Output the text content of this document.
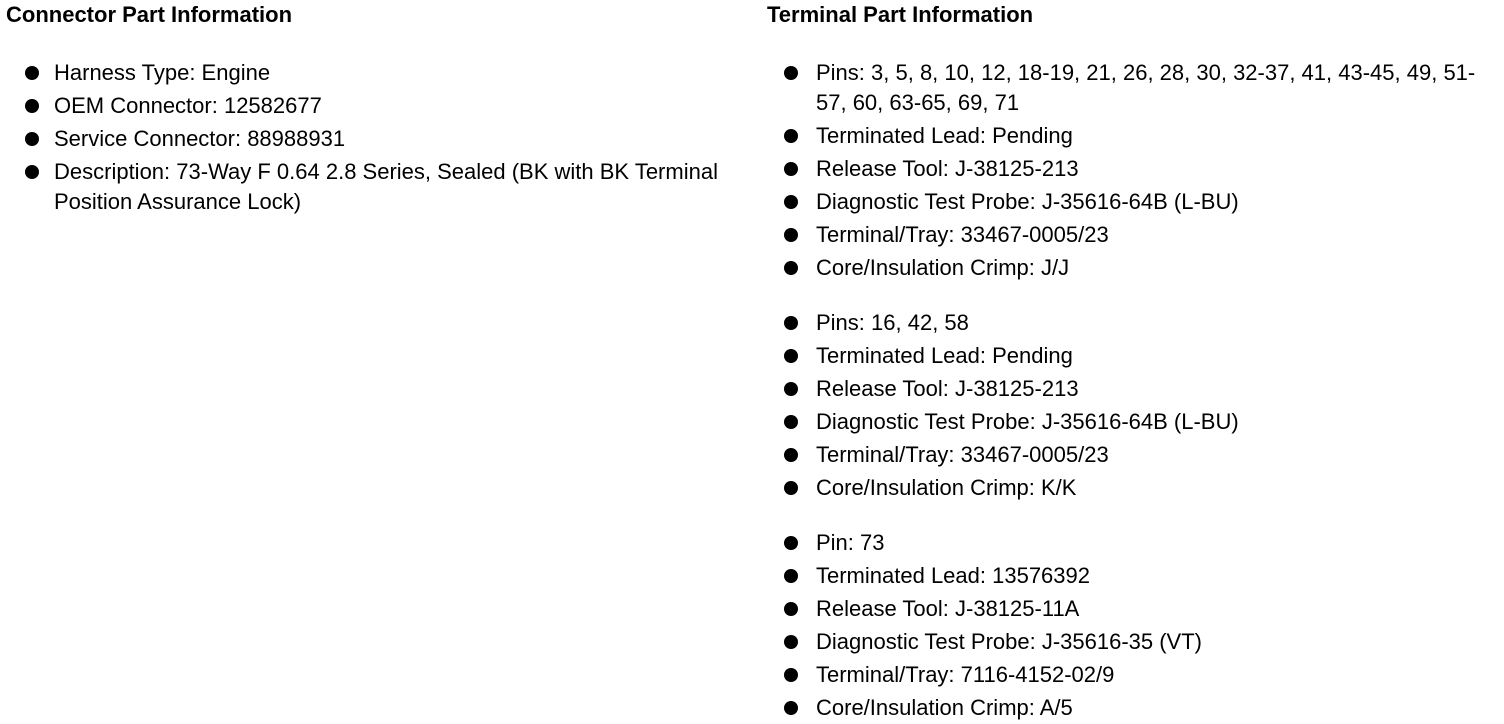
Connector Part Information
Harness Type: Engine
OEM Connector: 12582677
Service Connector: 88988931
Description: 73-Way F 0.64 2.8 Series, Sealed (BK with BK Terminal Position Assurance Lock)
Terminal Part Information
Pins: 3, 5, 8, 10, 12, 18-19, 21, 26, 28, 30, 32-37, 41, 43-45, 49, 51-57, 60, 63-65, 69, 71
Terminated Lead: Pending
Release Tool: J-38125-213
Diagnostic Test Probe: J-35616-64B (L-BU)
Terminal/Tray: 33467-0005/23
Core/Insulation Crimp: J/J
Pins: 16, 42, 58
Terminated Lead: Pending
Release Tool: J-38125-213
Diagnostic Test Probe: J-35616-64B (L-BU)
Terminal/Tray: 33467-0005/23
Core/Insulation Crimp: K/K
Pin: 73
Terminated Lead: 13576392
Release Tool: J-38125-11A
Diagnostic Test Probe: J-35616-35 (VT)
Terminal/Tray: 7116-4152-02/9
Core/Insulation Crimp: A/5
